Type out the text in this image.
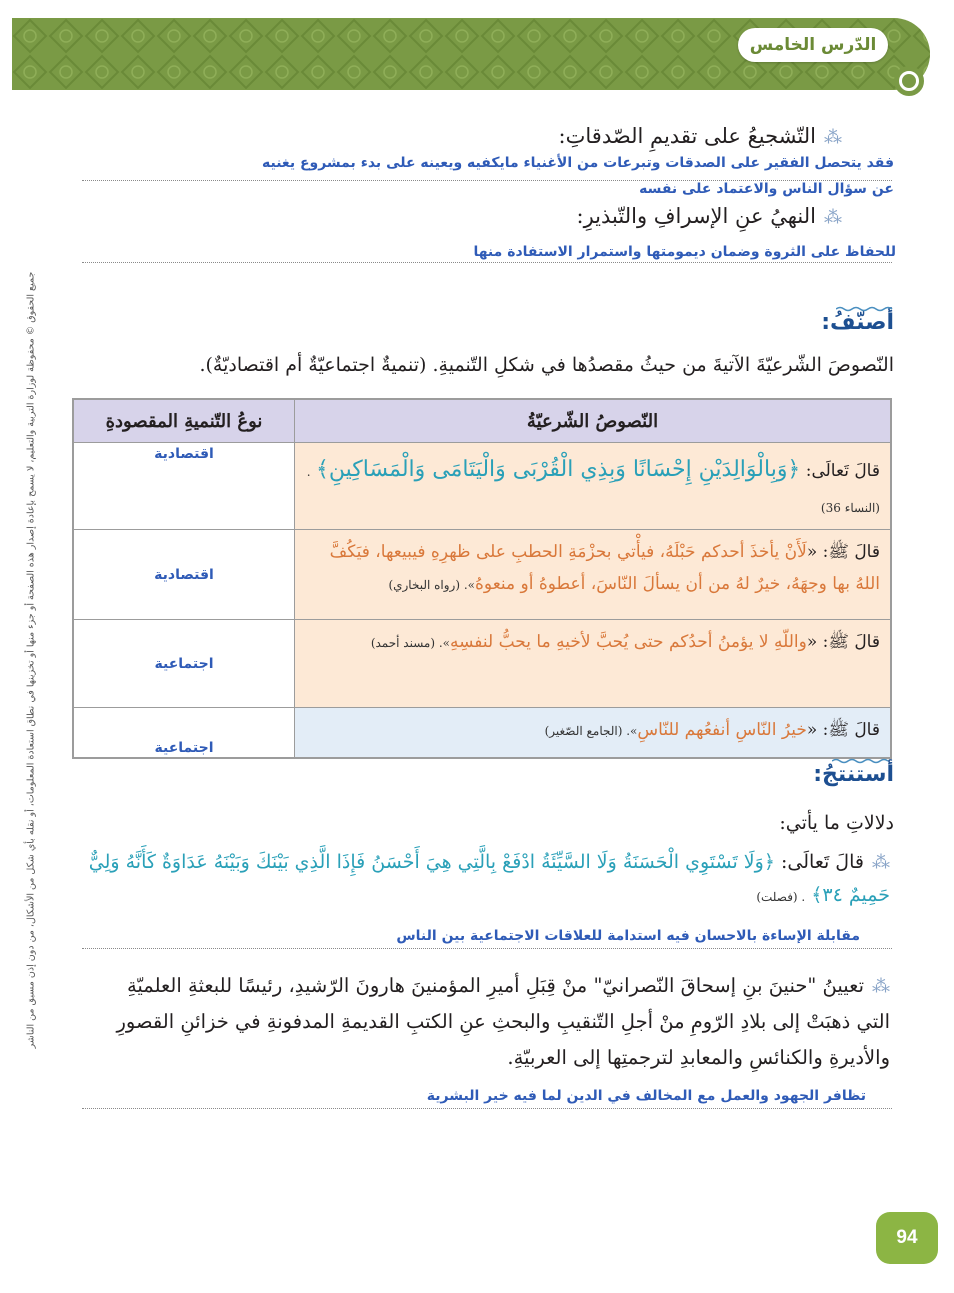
الدّرس الخامس
جميع الحقوق © محفوظة لوزارة التربية والتعليم، لا يسمح بإعادة إصدار هذه الصفحة أو جزء منها أو تخزينها في نطاق استعادة المعلومات، أو نقله بأي شكل من الأشكال، من دون إذن مسبق من الناشر
⁂التّشجيعُ على تقديمِ الصّدقاتِ:
فقد يتحصل الفقير على الصدقات وتبرعات من الأغنياء مايكفيه ويعينه على بدء بمشروع يغنيه عن سؤال الناس والاعتماد على نفسه
⁂النهيُ عنِ الإسرافِ والتّبذيرِ:
للحفاظ على الثروة وضمان ديمومتها واستمرار الاستفادة منها
أصنّفُ:
النّصوصَ الشّرعيّةَ الآتيةَ من حيثُ مقصدُها في شكلِ التّنميةِ. (تنميةٌ اجتماعيّةٌ أم اقتصاديّةٌ).
النّصوصُ الشّرعيّةُ	نوعُ التّنميةِ المقصودةِ
قالَ تَعالَى: ﴿وَبِالْوَالِدَيْنِ إِحْسَانًا وَبِذِي الْقُرْبَى وَالْيَتَامَى وَالْمَسَاكِينِ﴾ . (النساء 36)	اقتصادية

قالَ ﷺ: «لَأَنْ يأخذَ أحدكم حَبْلَهُ، فيأْتي بحزْمَةِ الحطبِ على ظهرِهِ فيبيعها، فيَكُفَّ اللهُ بها وجهَهُ، خيرٌ لهُ من أن يسألَ النّاسَ، أعطوهُ أو منعوهُ». (رواه البخاري)	اقتصادية

قالَ ﷺ: «واللّهِ لا يؤمنُ أحدُكم حتى يُحبَّ لأخيهِ ما يحبُّ لنفسِهِ». (مسند أحمد)	اجتماعية

قالَ ﷺ: «خيرُ النّاسِ أنفعُهم للنّاسِ». (الجامع الصّغير)	اجتماعية
أستنتجُ:
دلالاتِ ما يأتي:
⁂قالَ تَعالَى: ﴿وَلَا تَسْتَوِي الْحَسَنَةُ وَلَا السَّيِّئَةُ ادْفَعْ بِالَّتِي هِيَ أَحْسَنُ فَإِذَا الَّذِي بَيْنَكَ وَبَيْنَهُ عَدَاوَةٌ كَأَنَّهُ وَلِيٌّ حَمِيمٌ ٣٤﴾ . (فصلت)
مقابلة الإساءة بالاحسان فيه استدامة للعلاقات الاجتماعية بين الناس
⁂تعيينُ "حنينَ بنِ إسحاقَ النّصرانيّ" منْ قِبَلِ أميرِ المؤمنينَ هارونَ الرّشيدِ، رئيسًا للبعثةِ العلميّةِ التي ذهبَتْ إلى بلادِ الرّومِ منْ أجلِ التّنقيبِ والبحثِ عنِ الكتبِ القديمةِ المدفونةِ في خزائنِ القصورِ والأديرةِ والكنائسِ والمعابدِ لترجمتِها إلى العربيّةِ.
تظافر الجهود والعمل مع المخالف في الدين لما فيه خير البشرية
94
